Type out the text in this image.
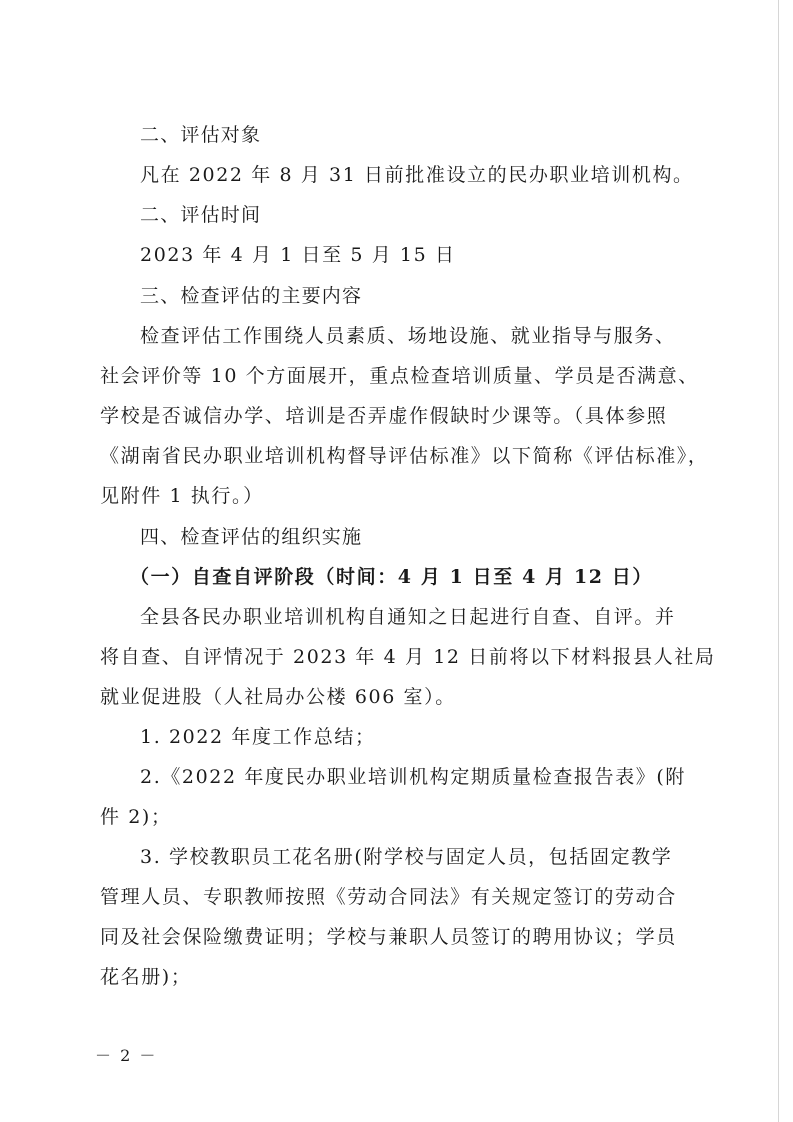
二、评估对象
凡在 2022 年 8 月 31 日前批准设立的民办职业培训机构。
二、评估时间
2023 年 4 月 1 日至 5 月 15 日
三、检查评估的主要内容
检查评估工作围绕人员素质、场地设施、就业指导与服务、
社会评价等 10 个方面展开，重点检查培训质量、学员是否满意、
学校是否诚信办学、培训是否弄虚作假缺时少课等。（具体参照
《湖南省民办职业培训机构督导评估标准》以下简称《评估标准》，
见附件 1 执行。）
四、检查评估的组织实施
（一）自查自评阶段（时间：4 月 1 日至 4 月 12 日）
全县各民办职业培训机构自通知之日起进行自查、自评。并
将自查、自评情况于 2023 年 4 月 12 日前将以下材料报县人社局
就业促进股（人社局办公楼 606 室）。
1. 2022 年度工作总结；
2.《2022 年度民办职业培训机构定期质量检查报告表》(附
件 2)；
3. 学校教职员工花名册(附学校与固定人员，包括固定教学
管理人员、专职教师按照《劳动合同法》有关规定签订的劳动合
同及社会保险缴费证明；学校与兼职人员签订的聘用协议；学员
花名册)；
－ 2 －
